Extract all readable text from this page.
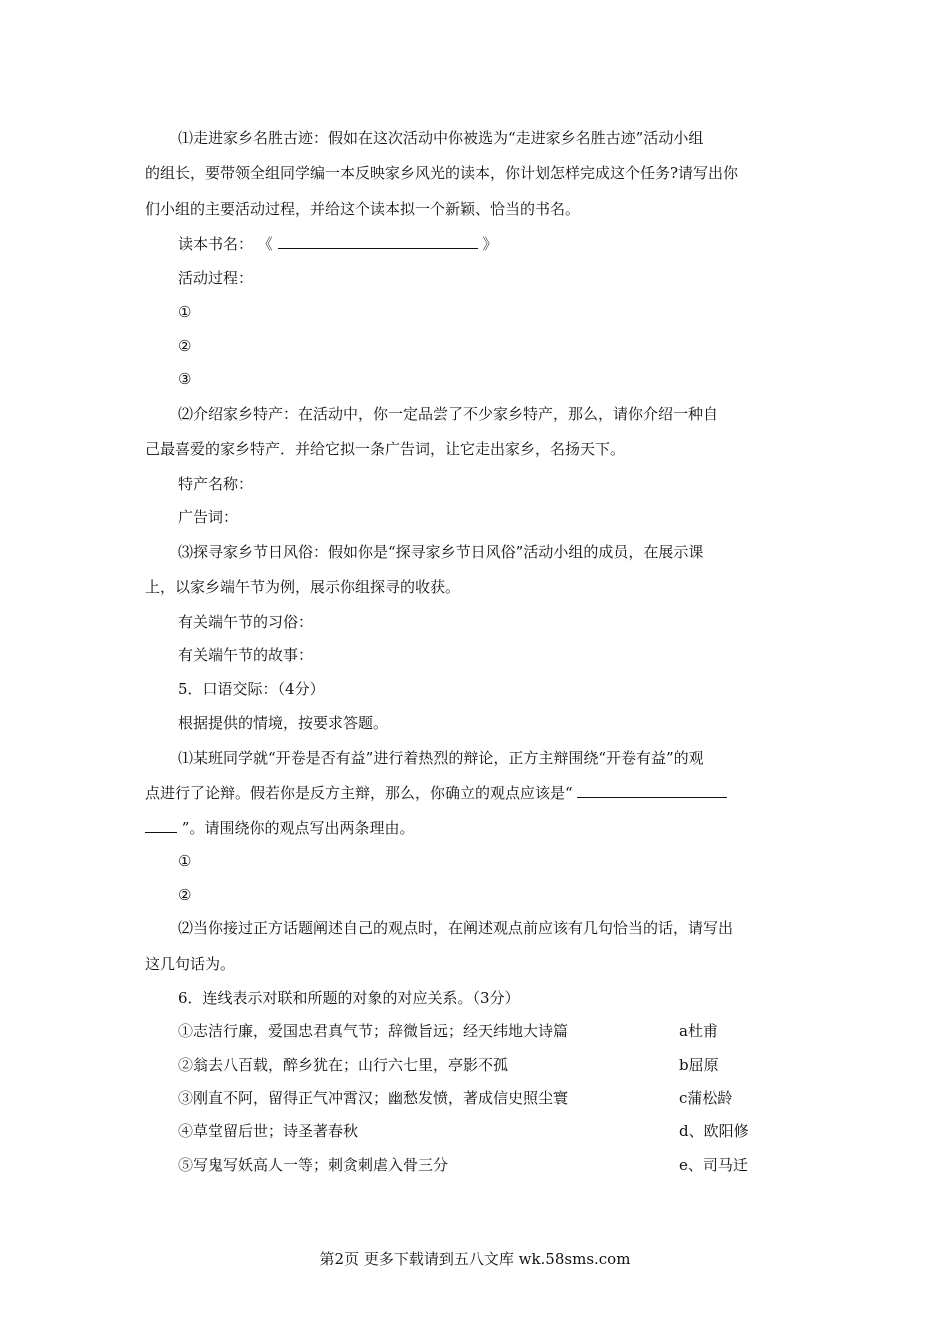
⑴走进家乡名胜古迹：假如在这次活动中你被选为“走进家乡名胜古迹”活动小组
的组长，要带领全组同学编一本反映家乡风光的读本，你计划怎样完成这个任务?请写出你
们小组的主要活动过程，并给这个读本拟一个新颖、恰当的书名。
读本书名： 《	》
活动过程：
①
②
③
⑵介绍家乡特产：在活动中，你一定品尝了不少家乡特产，那么，请你介绍一种自
己最喜爱的家乡特产．并给它拟一条广告词，让它走出家乡，名扬天下。
特产名称：
广告词：
⑶探寻家乡节日风俗：假如你是“探寻家乡节日风俗”活动小组的成员，在展示课
上，以家乡端午节为例，展示你组探寻的收获。
有关端午节的习俗：
有关端午节的故事：
5．口语交际：（4分）
根据提供的情境，按要求答题。
⑴某班同学就“开卷是否有益”进行着热烈的辩论，正方主辩围绕“开卷有益”的观
点进行了论辩。假若你是反方主辩，那么，你确立的观点应该是“
”。请围绕你的观点写出两条理由。
①
②
⑵当你接过正方话题阐述自己的观点时，在阐述观点前应该有几句恰当的话，请写出
这几句话为。
6．连线表示对联和所题的对象的对应关系。（3分）
①志洁行廉，爱国忠君真气节；辞微旨远；经天纬地大诗篇	a杜甫
②翁去八百载，醉乡犹在；山行六七里，亭影不孤	b屈原
③刚直不阿，留得正气冲霄汉；幽愁发愤，著成信史照尘寰	c蒲松龄
④草堂留后世；诗圣著春秋	d、欧阳修
⑤写鬼写妖高人一等；刺贪刺虐入骨三分	e、司马迁
第2页 更多下载请到五八文库 wk.58sms.com
